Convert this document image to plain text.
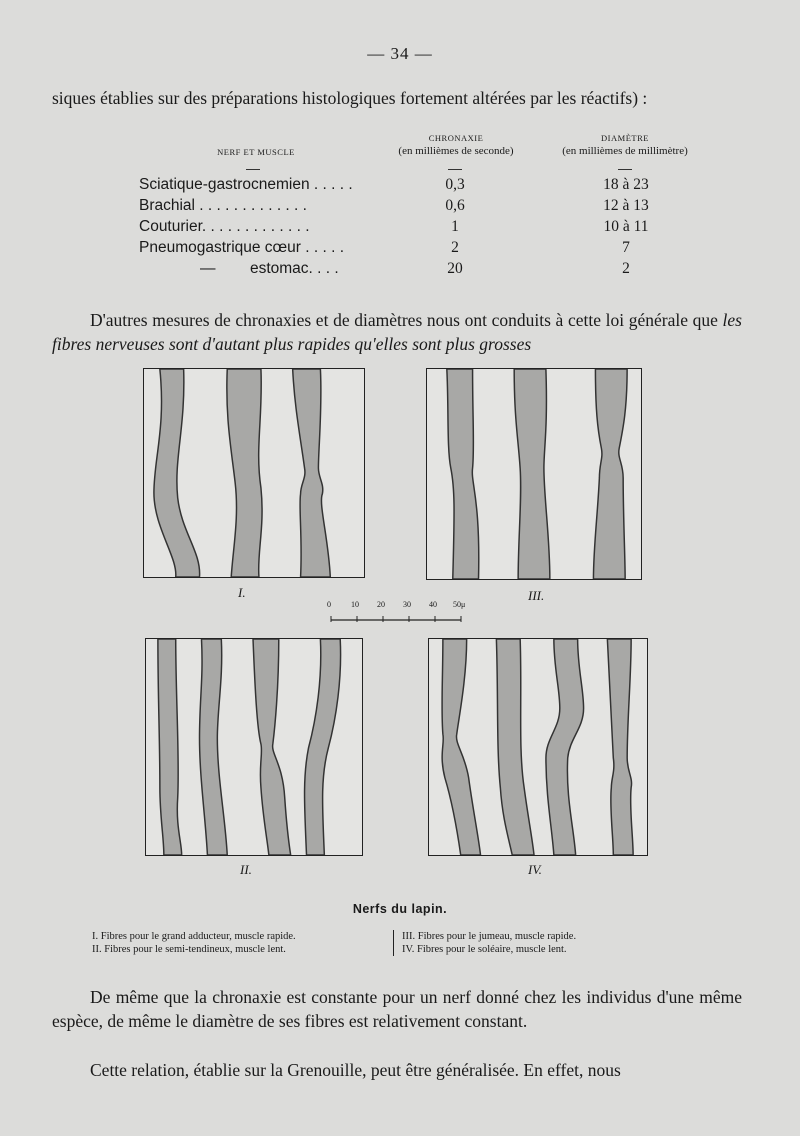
— 34 —
siques établies sur des préparations histologiques fortement altérées par les réactifs) :
NERF ET MUSCLE
CHRONAXIE
(en millièmes de seconde)
DIAMÈTRE
(en millièmes de millimètre)
Sciatique-gastrocnemien . . . . .	0,3	18 à 23
Brachial . . . . . . . . . . . . .	0,6	12 à 13
Couturier. . . . . . . . . . . . .	1	10 à 11
Pneumogastrique cœur . . . . .	2	7
—        estomac. . . .	20	2
D'autres mesures de chronaxies et de diamètres nous ont conduits à cette loi générale que les fibres nerveuses sont d'autant plus rapides qu'elles sont plus grosses
I.	III.
0	10 20 30 40 50μ
II.	IV.
Nerfs du lapin.
I. Fibres pour le grand adducteur, muscle rapide.
II. Fibres pour le semi-tendineux, muscle lent.
III. Fibres pour le jumeau, muscle rapide.
IV. Fibres pour le soléaire, muscle lent.
De même que la chronaxie est constante pour un nerf donné chez les individus d'une même espèce, de même le diamètre de ses fibres est relativement constant.
Cette relation, établie sur la Grenouille, peut être généralisée. En effet, nous
